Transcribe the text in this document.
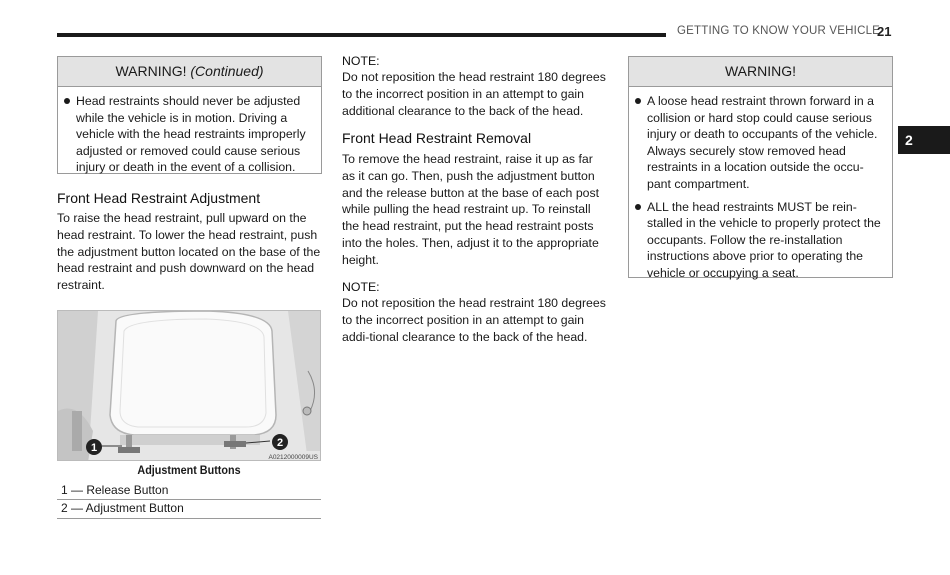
GETTING TO KNOW YOUR VEHICLE
21
2
WARNING! (Continued)
Head restraints should never be adjusted while the vehicle is in motion. Driving a vehicle with the head restraints improperly adjusted or removed could cause serious injury or death in the event of a collision.
Front Head Restraint Adjustment
To raise the head restraint, pull upward on the head restraint. To lower the head restraint, push the adjustment button located on the base of the head restraint and push downward on the head restraint.
1	2
A0212000009US
Adjustment Buttons
1 — Release Button
2 — Adjustment Button
NOTE:
Do not reposition the head restraint 180 degrees to the incorrect position in an attempt to gain additional clearance to the back of the head.
Front Head Restraint Removal
To remove the head restraint, raise it up as far as it can go. Then, push the adjustment button and the release button at the base of each post while pulling the head restraint up. To reinstall the head restraint, put the head restraint posts into the holes. Then, adjust it to the appropriate height.
NOTE:
Do not reposition the head restraint 180 degrees to the incorrect position in an attempt to gain addi-tional clearance to the back of the head.
WARNING!
A loose head restraint thrown forward in a collision or hard stop could cause serious injury or death to occupants of the vehicle. Always securely stow removed head restraints in a location outside the occu-pant compartment.
ALL the head restraints MUST be rein-stalled in the vehicle to properly protect the occupants. Follow the re-installation instructions above prior to operating the vehicle or occupying a seat.
